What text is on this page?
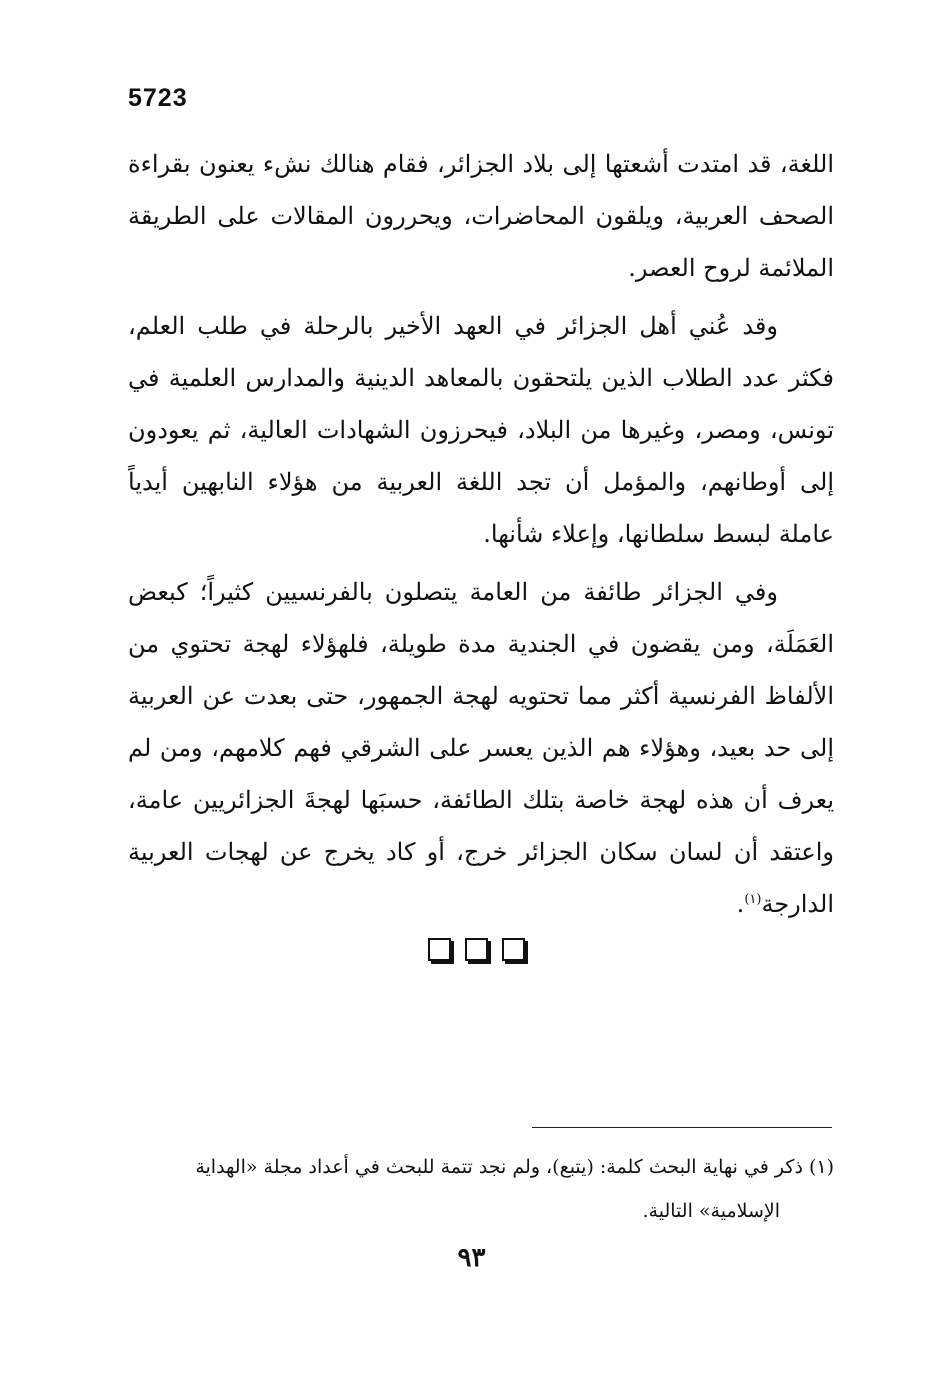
5723

اللغة، قد امتدت أشعتها إلى بلاد الجزائر، فقام هنالك نشء يعنون بقراءة الصحف العربية، ويلقون المحاضرات، ويحررون المقالات على الطريقة الملائمة لروح العصر.

وقد عُني أهل الجزائر في العهد الأخير بالرحلة في طلب العلم، فكثر عدد الطلاب الذين يلتحقون بالمعاهد الدينية والمدارس العلمية في تونس، ومصر، وغيرها من البلاد، فيحرزون الشهادات العالية، ثم يعودون إلى أوطانهم، والمؤمل أن تجد اللغة العربية من هؤلاء النابهين أيدياً عاملة لبسط سلطانها، وإعلاء شأنها.

وفي الجزائر طائفة من العامة يتصلون بالفرنسيين كثيراً؛ كبعض العَمَلَة، ومن يقضون في الجندية مدة طويلة، فلهؤلاء لهجة تحتوي من الألفاظ الفرنسية أكثر مما تحتويه لهجة الجمهور، حتى بعدت عن العربية إلى حد بعيد، وهؤلاء هم الذين يعسر على الشرقي فهم كلامهم، ومن لم يعرف أن هذه لهجة خاصة بتلك الطائفة، حسبَها لهجةَ الجزائريين عامة، واعتقد أن لسان سكان الجزائر خرج، أو كاد يخرج عن لهجات العربية الدارجة$^{(١)}$.

(١) ذكر في نهاية البحث كلمة: (يتبع)، ولم نجد تتمة للبحث في أعداد مجلة «الهداية
الإسلامية» التالية.
٩٣
